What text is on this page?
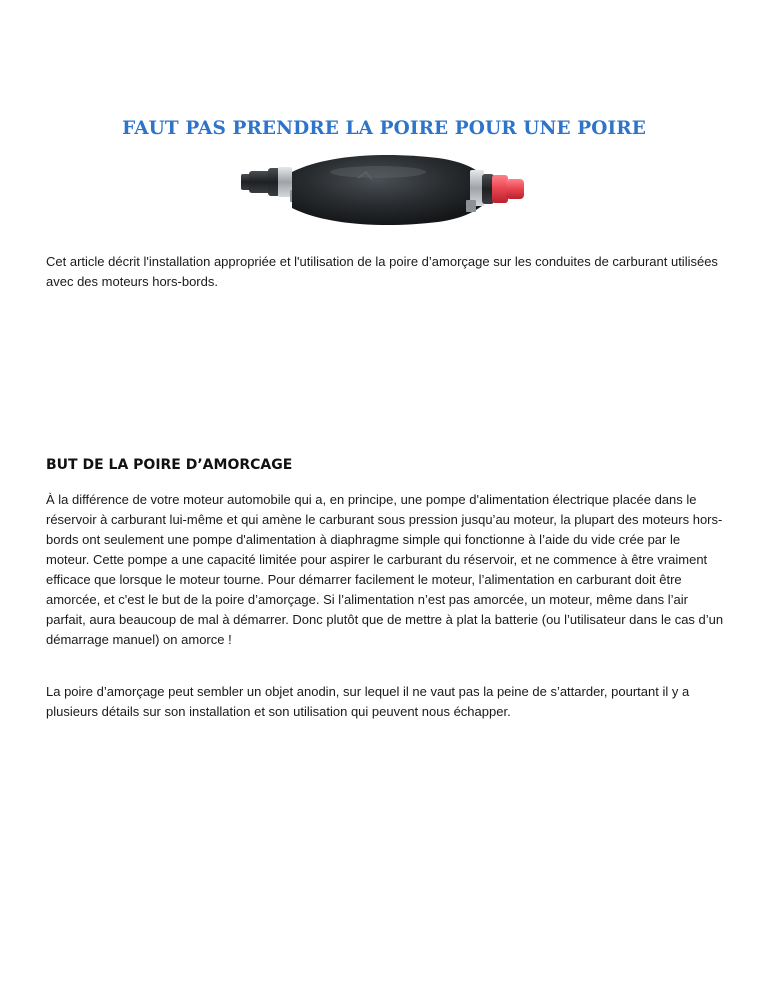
FAUT PAS PRENDRE LA POIRE POUR UNE POIRE

Cet article décrit l'installation appropriée et l'utilisation de la poire d’amorçage sur les conduites de carburant utilisées avec des moteurs hors-bords.

BUT DE LA POIRE D’AMORCAGE

À la différence de votre moteur automobile qui a, en principe, une pompe d'alimentation électrique placée dans le réservoir à carburant lui-même et qui amène le carburant sous pression jusqu’au moteur, la plupart des moteurs hors-bords ont seulement une pompe d'alimentation à diaphragme simple qui fonctionne à l’aide du vide crée par le moteur. Cette pompe a une capacité limitée pour aspirer le carburant du réservoir, et ne commence à être vraiment efficace que lorsque le moteur tourne. Pour démarrer facilement le moteur, l’alimentation en carburant doit être amorcée, et c'est le but de la poire d’amorçage. Si l’alimentation n’est pas amorcée, un moteur, même dans l’air parfait, aura beaucoup de mal à démarrer. Donc plutôt que de mettre à plat la batterie (ou l’utilisateur dans le cas d’un démarrage manuel) on amorce !

La poire d’amorçage peut sembler un objet anodin, sur lequel il ne vaut pas la peine de s’attarder, pourtant il y a plusieurs détails sur son installation et son utilisation qui peuvent nous échapper.
